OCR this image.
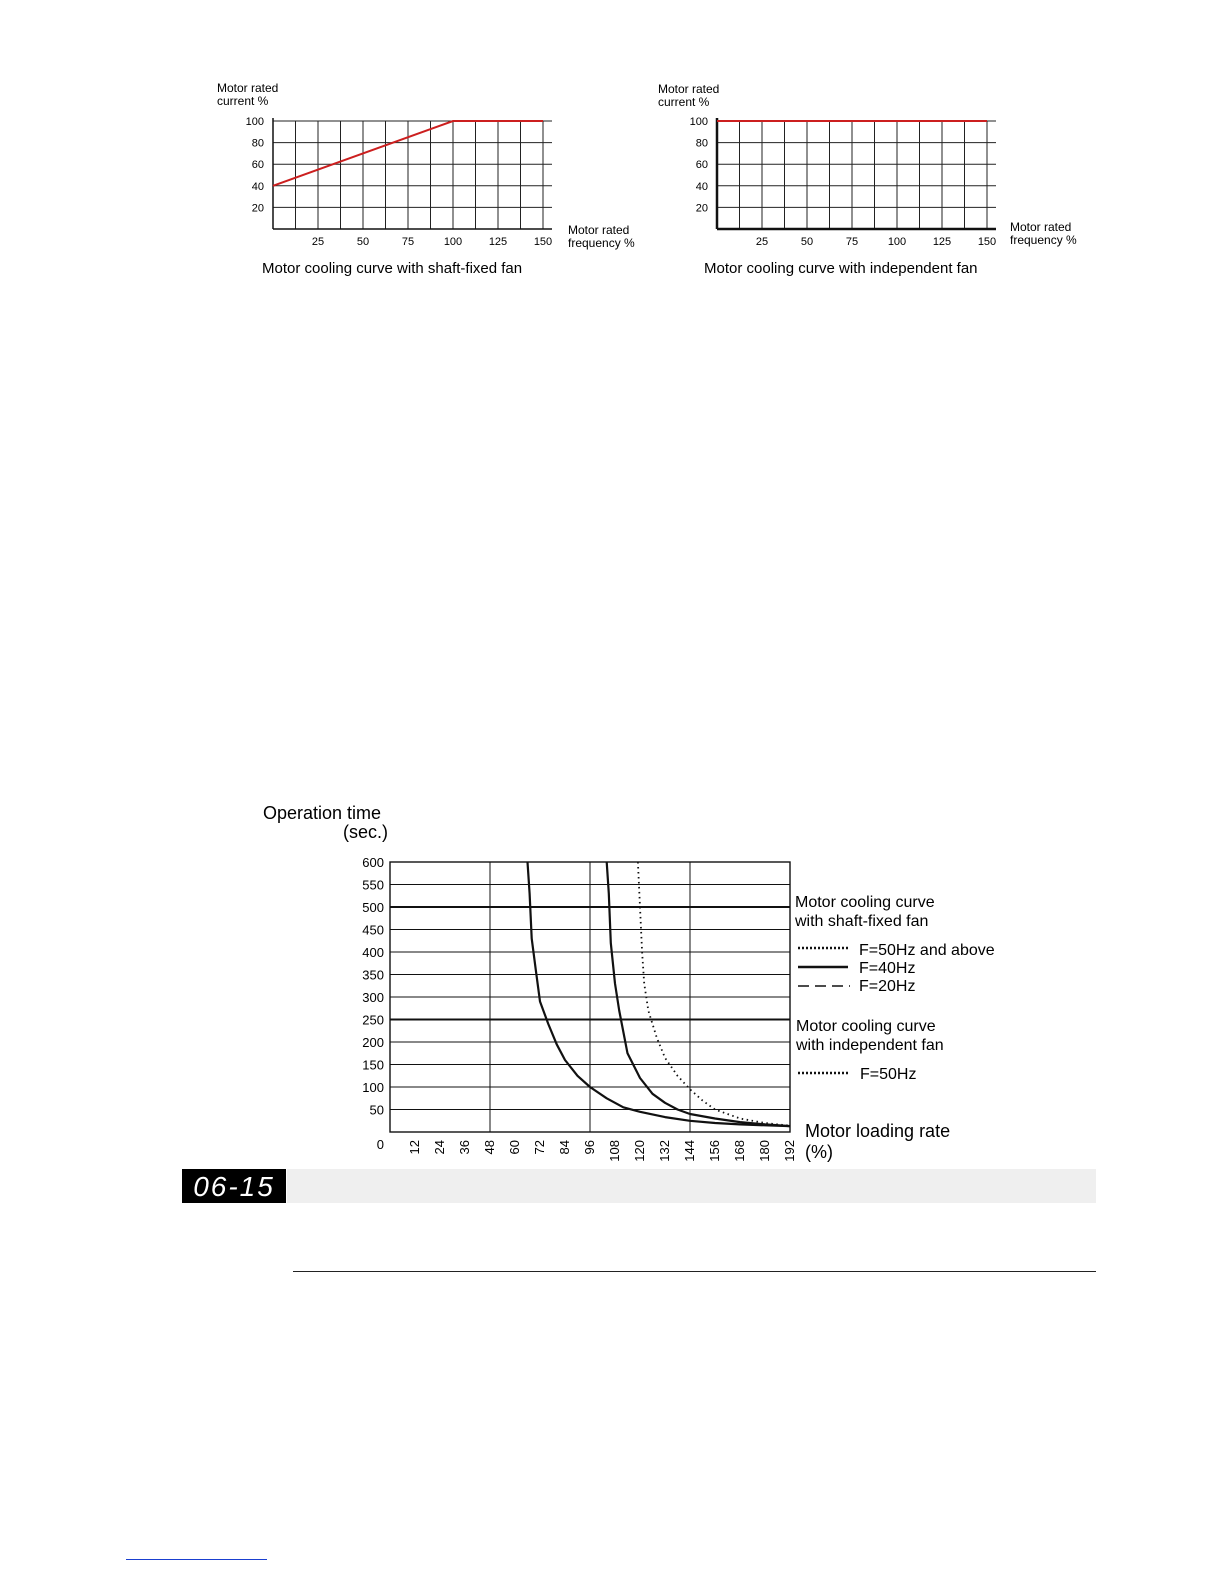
Motor rated
current %
20
40
60
80
100
25	50	75	100 125 150
Motor rated
frequency %
Motor cooling curve with shaft-fixed fan
Motor rated
current %
20
40
60
80
100
25	50	75	100 125 150
Motor rated
frequency %
Motor cooling curve with independent fan
Operation time
(sec.)
0
50
100
150
200
250
300
350
400
450
500
550
600
12 24 36 48 60 72 84 96 108 120 132 144 156 168 180 192
Motor cooling curve
with shaft-fixed fan
F=50Hz and above
F=40Hz
F=20Hz
Motor cooling curve
with independent fan
F=50Hz
Motor loading rate
(%)
06-15
